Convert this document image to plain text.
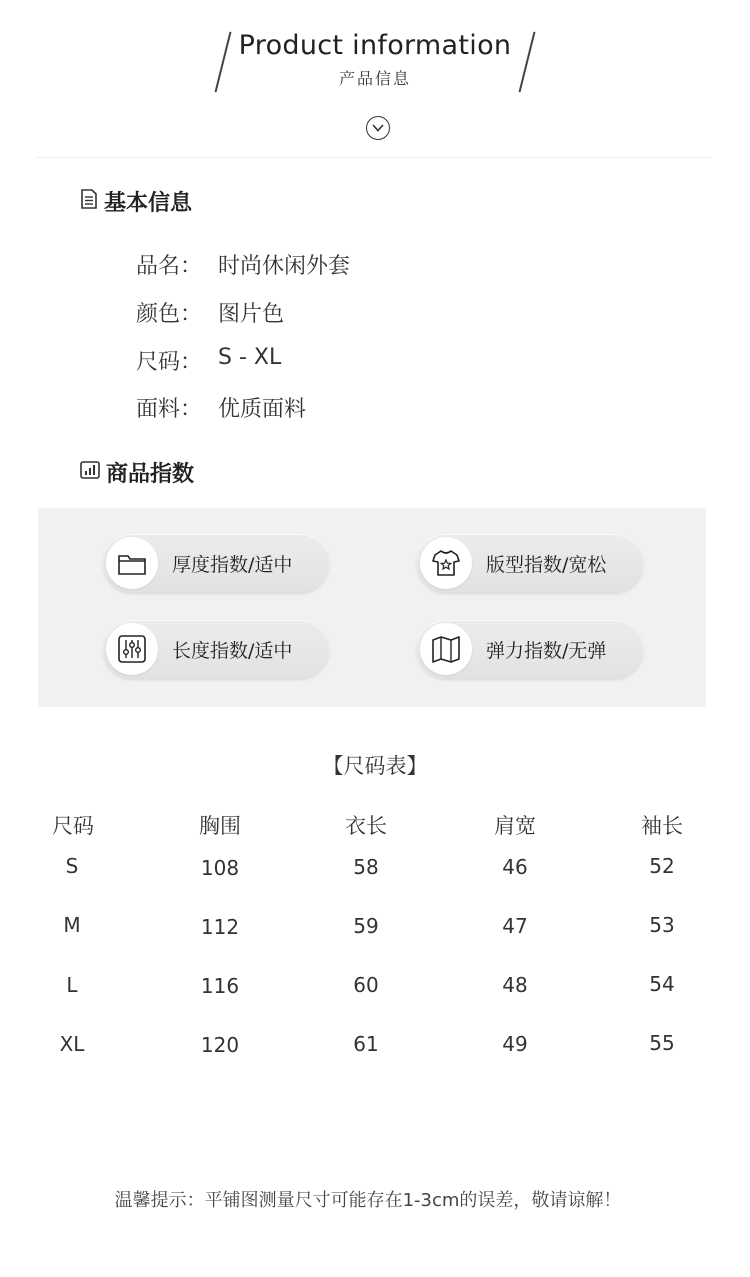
Product information
产品信息
基本信息
品名： 时尚休闲外套
颜色： 图片色
尺码： S - XL
面料： 优质面料
商品指数
厚度指数/适中	版型指数/宽松
长度指数/适中	弹力指数/无弹
【尺码表】
尺码	胸围	衣长	肩宽	袖长
S	108	58	46	52
M	112	59	47	53
L	116	60	48	54
XL	120	61	49	55
温馨提示：平铺图测量尺寸可能存在1-3cm的误差，敬请谅解！
